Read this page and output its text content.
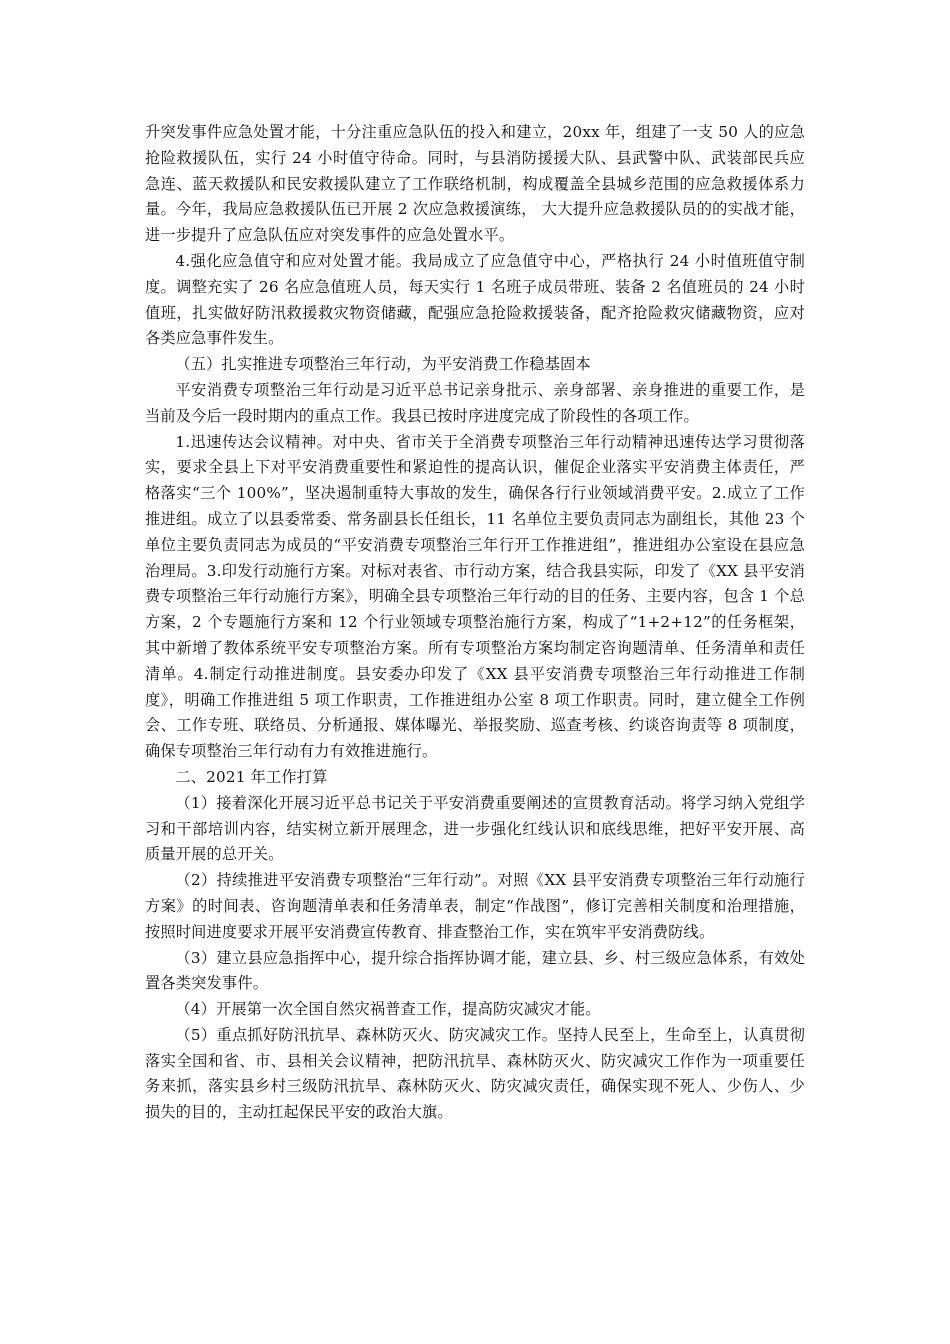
升突发事件应急处置才能，十分注重应急队伍的投入和建立，20xx 年，组建了一支 50 人的应急抢险救援队伍，实行 24 小时值守待命。同时，与县消防援援大队、县武警中队、武装部民兵应急连、蓝天救援队和民安救援队建立了工作联络机制，构成覆盖全县城乡范围的应急救援体系力量。今年，我局应急救援队伍已开展 2 次应急救援演练， 大大提升应急救援队员的的实战才能，进一步提升了应急队伍应对突发事件的应急处置水平。

4.强化应急值守和应对处置才能。我局成立了应急值守中心，严格执行 24 小时值班值守制度。调整充实了 26 名应急值班人员，每天实行 1 名班子成员带班、装备 2 名值班员的 24 小时值班，扎实做好防汛救援救灾物资储藏，配强应急抢险救援装备，配齐抢险救灾储藏物资，应对各类应急事件发生。

（五）扎实推进专项整治三年行动，为平安消费工作稳基固本

平安消费专项整治三年行动是习近平总书记亲身批示、亲身部署、亲身推进的重要工作，是当前及今后一段时期内的重点工作。我县已按时序进度完成了阶段性的各项工作。

1.迅速传达会议精神。对中央、省市关于全消费专项整治三年行动精神迅速传达学习贯彻落实，要求全县上下对平安消费重要性和紧迫性的提高认识，催促企业落实平安消费主体责任，严格落实“三个 100%”，坚决遏制重特大事故的发生，确保各行行业领域消费平安。2.成立了工作推进组。成立了以县委常委、常务副县长任组长，11 名单位主要负责同志为副组长，其他 23 个单位主要负责同志为成员的“平安消费专项整治三年行开工作推进组”，推进组办公室设在县应急治理局。3.印发行动施行方案。对标对表省、市行动方案，结合我县实际，印发了《XX 县平安消费专项整治三年行动施行方案》，明确全县专项整治三年行动的目的任务、主要内容，包含 1 个总方案，2 个专题施行方案和 12 个行业领域专项整治施行方案，构成了“1+2+12”的任务框架，其中新增了教体系统平安专项整治方案。所有专项整治方案均制定咨询题清单、任务清单和责任清单。4.制定行动推进制度。县安委办印发了《XX 县平安消费专项整治三年行动推进工作制度》，明确工作推进组 5 项工作职责，工作推进组办公室 8 项工作职责。同时，建立健全工作例会、工作专班、联络员、分析通报、媒体曝光、举报奖励、巡查考核、约谈咨询责等 8 项制度，确保专项整治三年行动有力有效推进施行。

二、2021 年工作打算

（1）接着深化开展习近平总书记关于平安消费重要阐述的宣贯教育活动。将学习纳入党组学习和干部培训内容，结实树立新开展理念，进一步强化红线认识和底线思维，把好平安开展、高质量开展的总开关。

（2）持续推进平安消费专项整治“三年行动”。对照《XX 县平安消费专项整治三年行动施行方案》的时间表、咨询题清单表和任务清单表，制定“作战图”，修订完善相关制度和治理措施，按照时间进度要求开展平安消费宣传教育、排查整治工作，实在筑牢平安消费防线。

（3）建立县应急指挥中心，提升综合指挥协调才能，建立县、乡、村三级应急体系，有效处置各类突发事件。

（4）开展第一次全国自然灾祸普查工作，提高防灾减灾才能。

（5）重点抓好防汛抗旱、森林防灭火、防灾减灾工作。坚持人民至上，生命至上，认真贯彻落实全国和省、市、县相关会议精神，把防汛抗旱、森林防灭火、防灾减灾工作作为一项重要任务来抓，落实县乡村三级防汛抗旱、森林防灭火、防灾减灾责任，确保实现不死人、少伤人、少损失的目的，主动扛起保民平安的政治大旗。
